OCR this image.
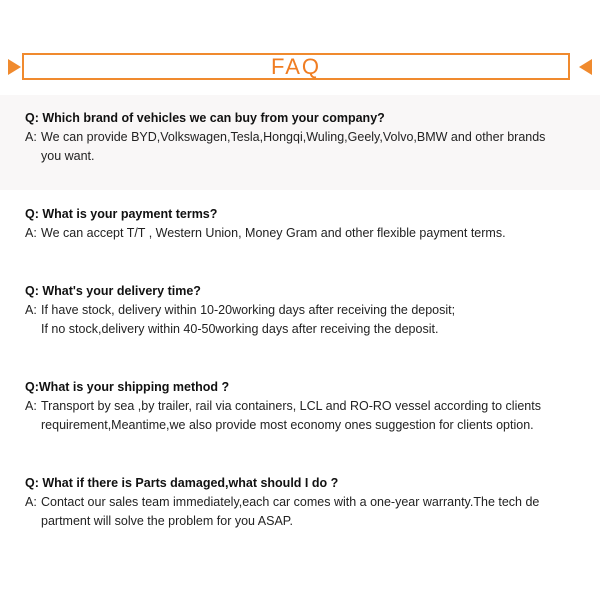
FAQ
Q: Which brand of vehicles we can buy from your company?
A: We can provide BYD,Volkswagen,Tesla,Hongqi,Wuling,Geely,Volvo,BMW and other brands
you want.
Q: What is your payment terms?
A: We can accept T/T , Western Union, Money Gram and other flexible payment terms.
Q: What's your delivery time?
A: If have stock, delivery within 10-20working days after receiving the deposit;
If no stock,delivery within 40-50working days after receiving the deposit.
Q:What is your shipping method ?
A: Transport by sea ,by trailer, rail via containers, LCL and RO-RO vessel according to clients
requirement,Meantime,we also provide most economy ones suggestion for clients option.
Q: What if there is Parts damaged,what should I do ?
A: Contact our sales team immediately,each car comes with a one-year warranty.The tech de
partment will solve the problem for you ASAP.
